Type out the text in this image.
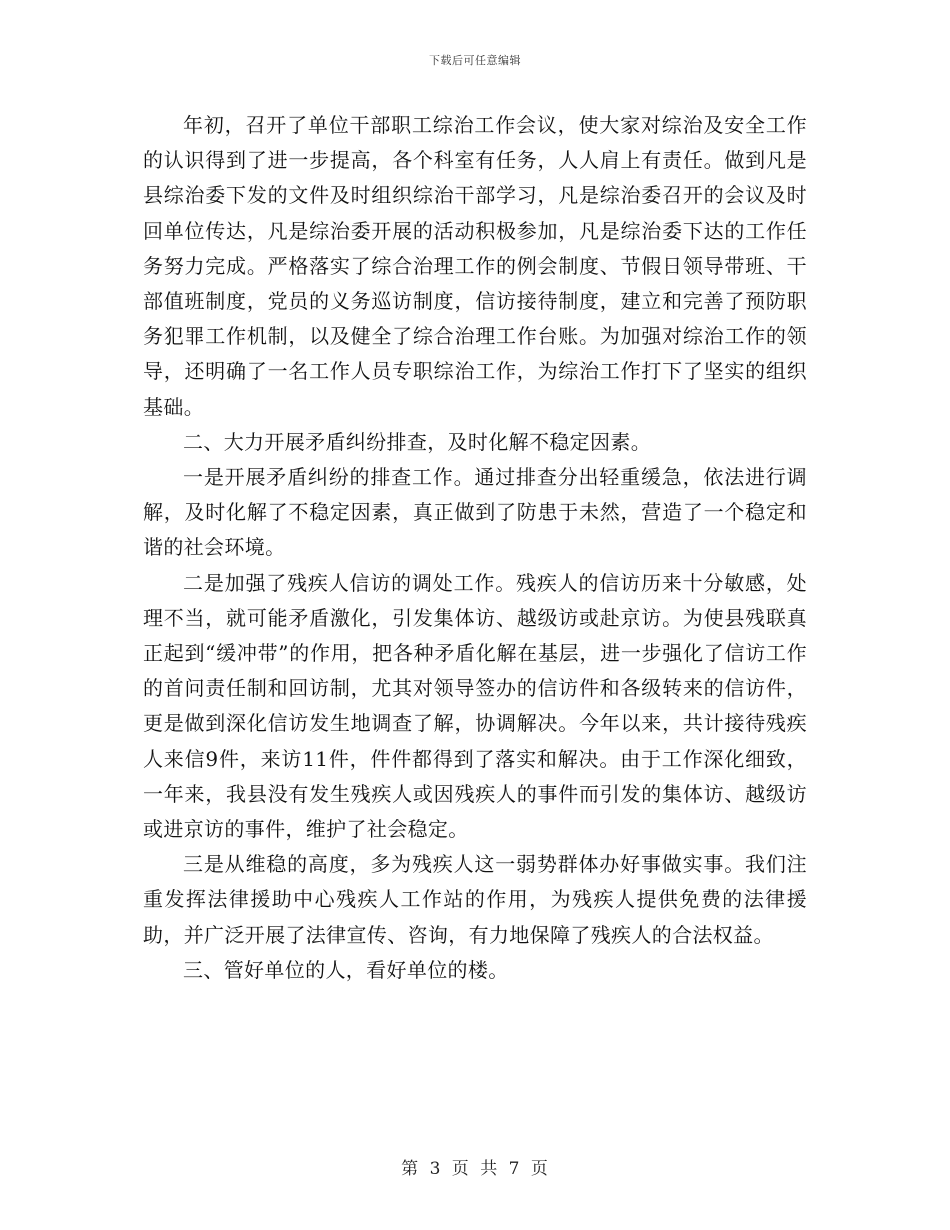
下载后可任意编辑

年初，召开了单位干部职工综治工作会议，使大家对综治及安全工作的认识得到了进一步提高，各个科室有任务，人人肩上有责任。做到凡是县综治委下发的文件及时组织综治干部学习，凡是综治委召开的会议及时回单位传达，凡是综治委开展的活动积极参加，凡是综治委下达的工作任务努力完成。严格落实了综合治理工作的例会制度、节假日领导带班、干部值班制度，党员的义务巡访制度，信访接待制度，建立和完善了预防职务犯罪工作机制，以及健全了综合治理工作台账。为加强对综治工作的领导，还明确了一名工作人员专职综治工作，为综治工作打下了坚实的组织基础。

二、大力开展矛盾纠纷排查，及时化解不稳定因素。

一是开展矛盾纠纷的排查工作。通过排查分出轻重缓急，依法进行调解，及时化解了不稳定因素，真正做到了防患于未然，营造了一个稳定和谐的社会环境。

二是加强了残疾人信访的调处工作。残疾人的信访历来十分敏感，处理不当，就可能矛盾激化，引发集体访、越级访或赴京访。为使县残联真正起到“缓冲带”的作用，把各种矛盾化解在基层，进一步强化了信访工作的首问责任制和回访制，尤其对领导签办的信访件和各级转来的信访件，更是做到深化信访发生地调查了解，协调解决。今年以来，共计接待残疾人来信9件，来访11件，件件都得到了落实和解决。由于工作深化细致，一年来，我县没有发生残疾人或因残疾人的事件而引发的集体访、越级访或进京访的事件，维护了社会稳定。

三是从维稳的高度，多为残疾人这一弱势群体办好事做实事。我们注重发挥法律援助中心残疾人工作站的作用，为残疾人提供免费的法律援助，并广泛开展了法律宣传、咨询，有力地保障了残疾人的合法权益。

三、管好单位的人，看好单位的楼。

第 3 页 共 7 页
